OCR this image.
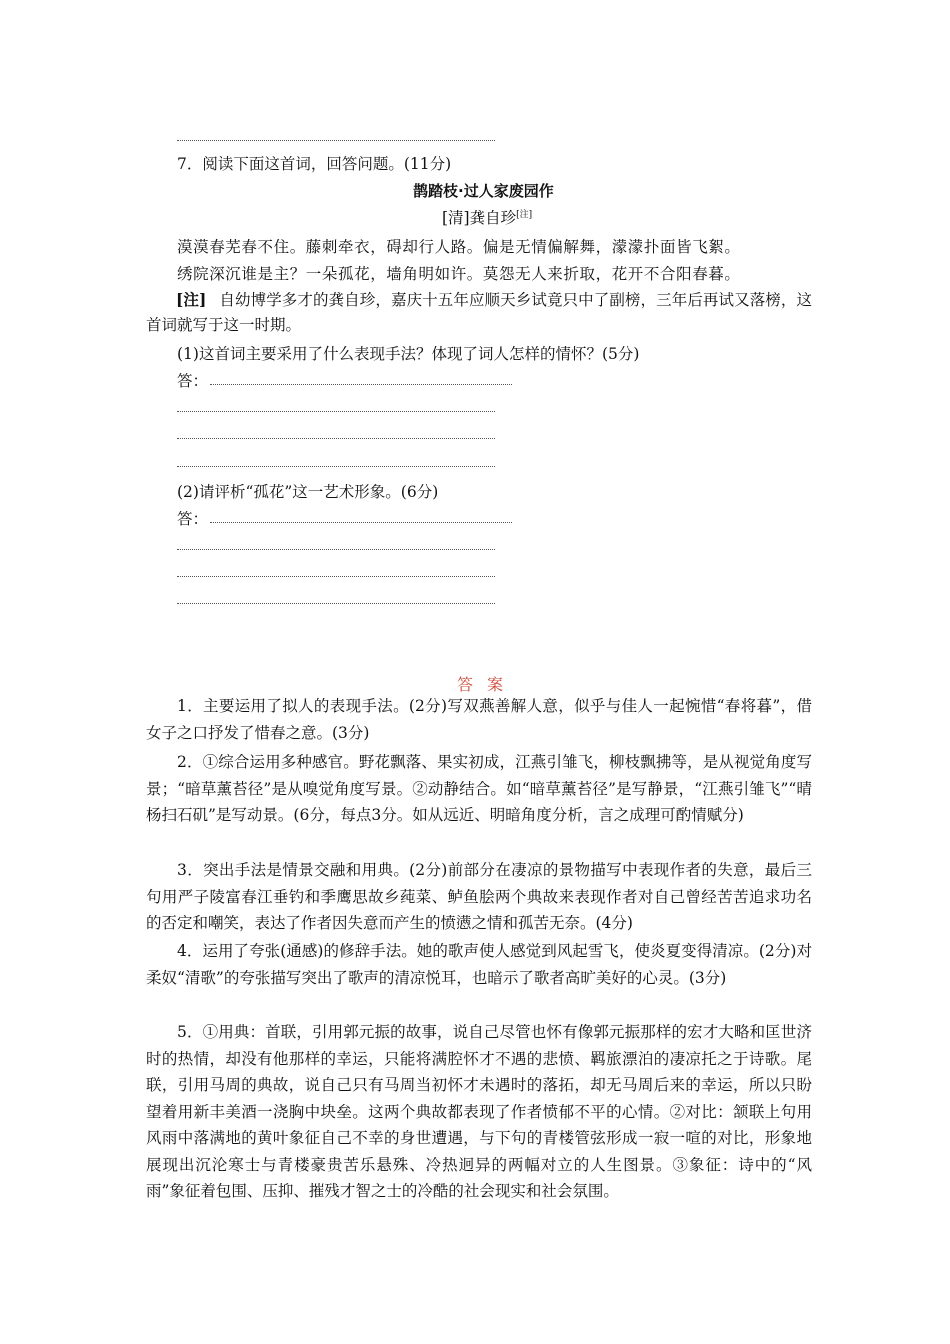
7．阅读下面这首词，回答问题。(11分)
鹊踏枝·过人家废园作
[清]龚自珍[注]
漠漠春芜春不住。藤刺牵衣，碍却行人路。偏是无情偏解舞，濛濛扑面皆飞絮。
绣院深沉谁是主？一朵孤花，墙角明如许。莫怨无人来折取，花开不合阳春暮。
[注] 自幼博学多才的龚自珍，嘉庆十五年应顺天乡试竟只中了副榜，三年后再试又落榜，这首词就写于这一时期。
(1)这首词主要采用了什么表现手法？体现了词人怎样的情怀？(5分)
答：
(2)请评析“孤花”这一艺术形象。(6分)
答：
答案
1．主要运用了拟人的表现手法。(2分)写双燕善解人意，似乎与佳人一起惋惜“春将暮”，借女子之口抒发了惜春之意。(3分)
2．①综合运用多种感官。野花飘落、果实初成，江燕引雏飞，柳枝飘拂等，是从视觉角度写景；“暗草薰苔径”是从嗅觉角度写景。②动静结合。如“暗草薰苔径”是写静景，“江燕引雏飞”“晴杨扫石矶”是写动景。(6分，每点3分。如从远近、明暗角度分析，言之成理可酌情赋分)
3．突出手法是情景交融和用典。(2分)前部分在凄凉的景物描写中表现作者的失意，最后三句用严子陵富春江垂钓和季鹰思故乡莼菜、鲈鱼脍两个典故来表现作者对自己曾经苦苦追求功名的否定和嘲笑，表达了作者因失意而产生的愤懑之情和孤苦无奈。(4分)
4．运用了夸张(通感)的修辞手法。她的歌声使人感觉到风起雪飞，使炎夏变得清凉。(2分)对柔奴“清歌”的夸张描写突出了歌声的清凉悦耳，也暗示了歌者高旷美好的心灵。(3分)
5．①用典：首联，引用郭元振的故事，说自己尽管也怀有像郭元振那样的宏才大略和匡世济时的热情，却没有他那样的幸运，只能将满腔怀才不遇的悲愤、羁旅漂泊的凄凉托之于诗歌。尾联，引用马周的典故，说自己只有马周当初怀才未遇时的落拓，却无马周后来的幸运，所以只盼望着用新丰美酒一浇胸中块垒。这两个典故都表现了作者愤郁不平的心情。②对比：颔联上句用风雨中落满地的黄叶象征自己不幸的身世遭遇，与下句的青楼管弦形成一寂一喧的对比，形象地展现出沉沦寒士与青楼豪贵苦乐悬殊、冷热迥异的两幅对立的人生图景。③象征：诗中的“风雨”象征着包围、压抑、摧残才智之士的冷酷的社会现实和社会氛围。
